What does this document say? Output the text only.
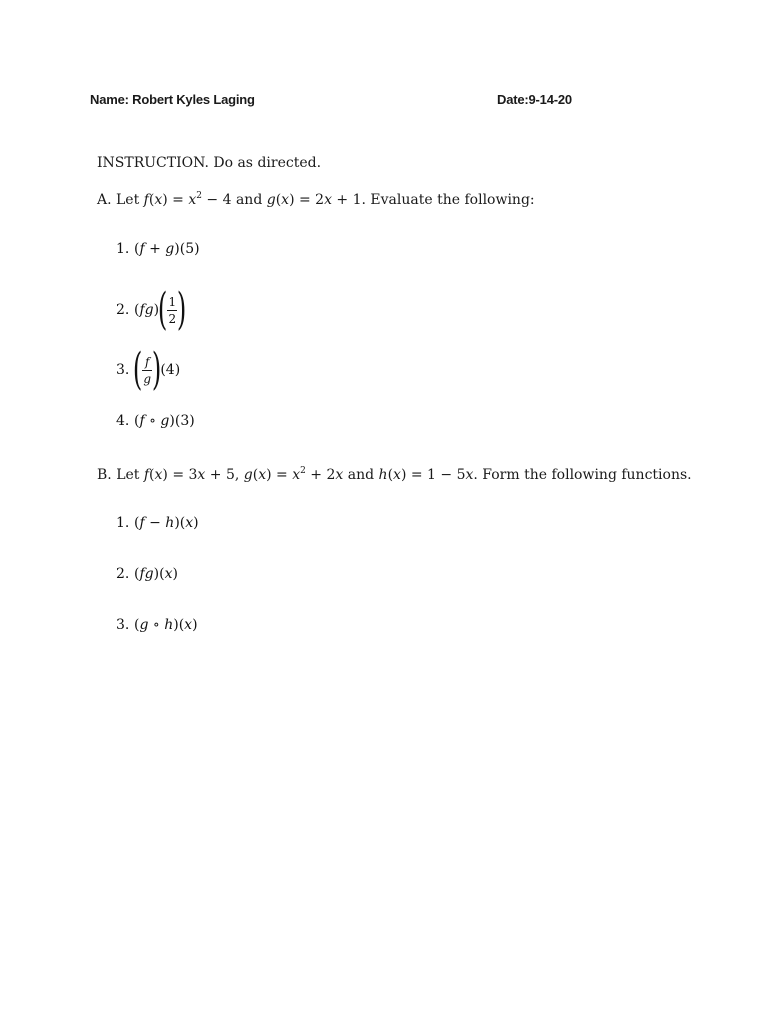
Name: Robert Kyles Laging	Date:9-14-20
INSTRUCTION. Do as directed.
A. Let $f(x) = x^2 - 4$ and g(x) = 2x + 1. Evaluate the following:
1. (f + g)(5)
2. $(fg)( \frac{1}{2}$ )
3. ( $\frac{f}{g} )(4)$
4. (f ∘ g)(3)
B. Let f(x) = 3x + 5, $g(x) = x^2 + 2x$ and h(x) = 1 − 5x. Form the following functions.
1. (f − h)(x)
2. (fg)(x)
3. (g ∘ h)(x)
